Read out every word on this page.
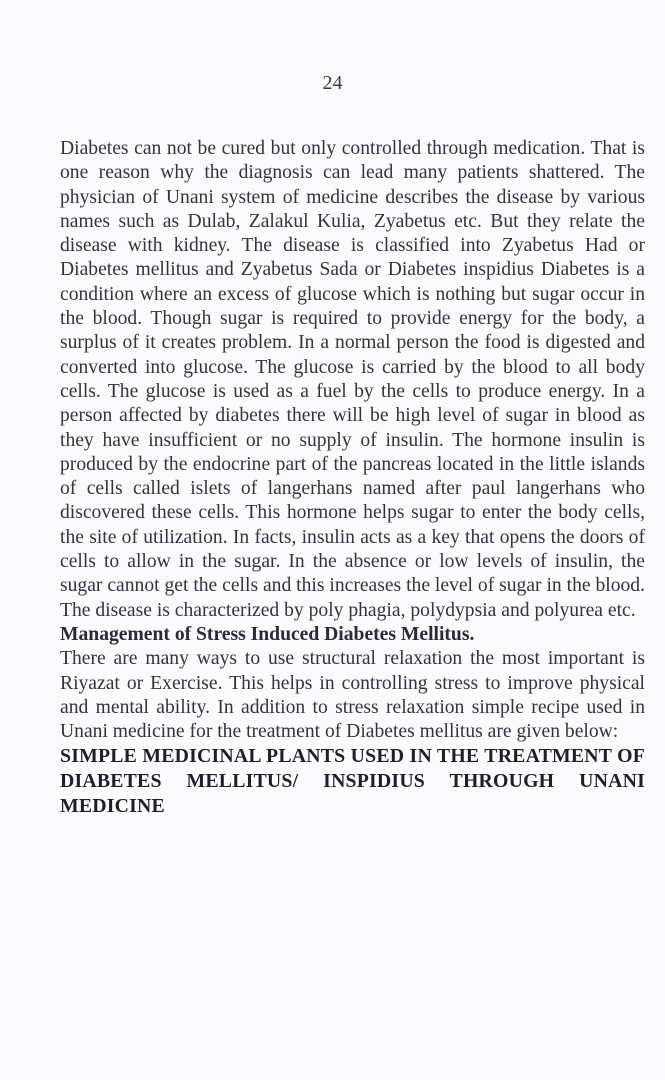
24

Diabetes can not be cured but only controlled through medication. That is one reason why the diagnosis can lead many patients shattered. The physician of Unani system of medicine describes the disease by various names such as Dulab, Zalakul Kulia, Zyabetus etc. But they relate the disease with kidney. The disease is classified into Zyabetus Had or Diabetes mellitus and Zyabetus Sada or Diabetes inspidius Diabetes is a condition where an excess of glucose which is nothing but sugar occur in the blood. Though sugar is required to provide energy for the body, a surplus of it creates problem. In a normal person the food is digested and converted into glucose. The glucose is carried by the blood to all body cells. The glucose is used as a fuel by the cells to produce energy. In a person affected by diabetes there will be high level of sugar in blood as they have insufficient or no supply of insulin. The hormone insulin is produced by the endocrine part of the pancreas located in the little islands of cells called islets of langerhans named after paul langerhans who discovered these cells. This hormone helps sugar to enter the body cells, the site of utilization. In facts, insulin acts as a key that opens the doors of cells to allow in the sugar. In the absence or low levels of insulin, the sugar cannot get the cells and this increases the level of sugar in the blood. The disease is characterized by poly phagia, polydypsia and polyurea etc.

Management of Stress Induced Diabetes Mellitus.

There are many ways to use structural relaxation the most important is Riyazat or Exercise. This helps in controlling stress to improve physical and mental ability. In addition to stress relaxation simple recipe used in Unani medicine for the treatment of Diabetes mellitus are given below:

SIMPLE MEDICINAL PLANTS USED IN THE TREATMENT OF DIABETES MELLITUS/ INSPIDIUS THROUGH UNANI MEDICINE
